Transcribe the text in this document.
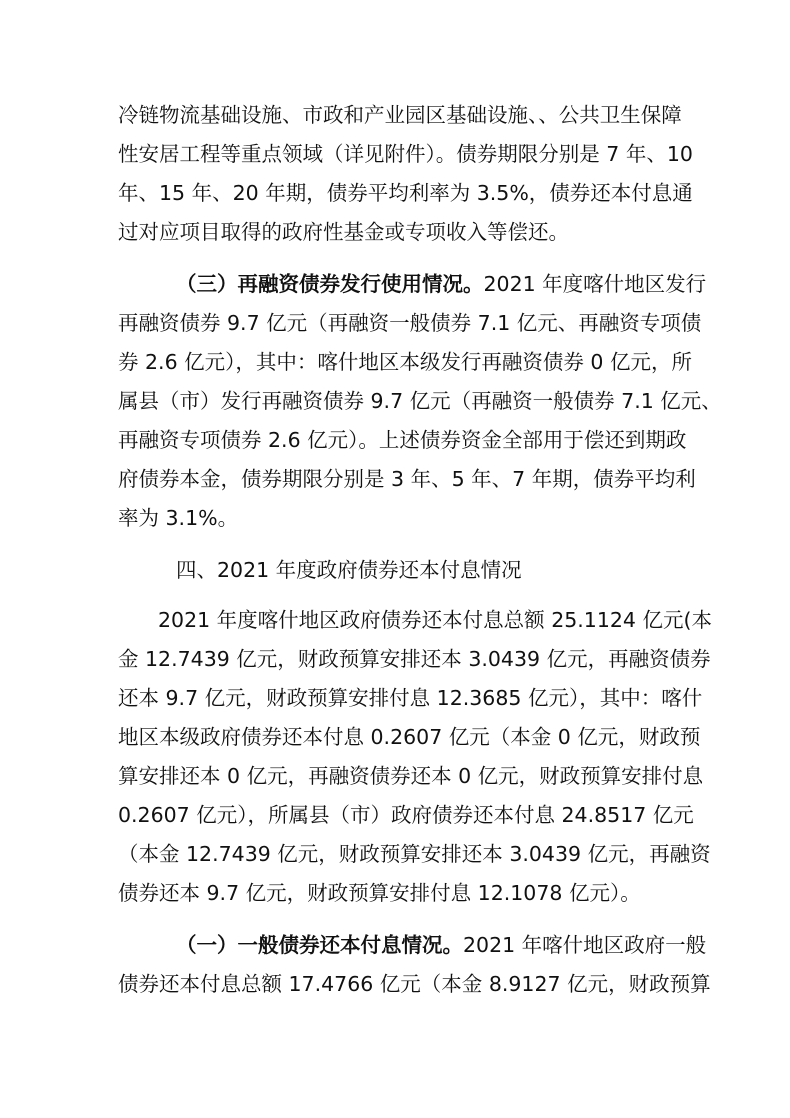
冷链物流基础设施、市政和产业园区基础设施、、公共卫生保障
性安居工程等重点领域（详见附件）。债券期限分别是 7 年、10
年、15 年、20 年期，债券平均利率为 3.5%，债券还本付息通
过对应项目取得的政府性基金或专项收入等偿还。
（三）再融资债券发行使用情况。2021 年度喀什地区发行
再融资债券 9.7 亿元（再融资一般债券 7.1 亿元、再融资专项债
券 2.6 亿元），其中：喀什地区本级发行再融资债券 0 亿元，所
属县（市）发行再融资债券 9.7 亿元（再融资一般债券 7.1 亿元、
再融资专项债券 2.6 亿元）。上述债券资金全部用于偿还到期政
府债券本金，债券期限分别是 3 年、5 年、7 年期，债券平均利
率为 3.1%。
四、2021 年度政府债券还本付息情况
2021 年度喀什地区政府债券还本付息总额 25.1124 亿元(本
金 12.7439 亿元，财政预算安排还本 3.0439 亿元，再融资债券
还本 9.7 亿元，财政预算安排付息 12.3685 亿元），其中：喀什
地区本级政府债券还本付息 0.2607 亿元（本金 0 亿元，财政预
算安排还本 0 亿元，再融资债券还本 0 亿元，财政预算安排付息
0.2607 亿元），所属县（市）政府债券还本付息 24.8517 亿元
（本金 12.7439 亿元，财政预算安排还本 3.0439 亿元，再融资
债券还本 9.7 亿元，财政预算安排付息 12.1078 亿元）。
（一）一般债券还本付息情况。2021 年喀什地区政府一般
债券还本付息总额 17.4766 亿元（本金 8.9127 亿元，财政预算
